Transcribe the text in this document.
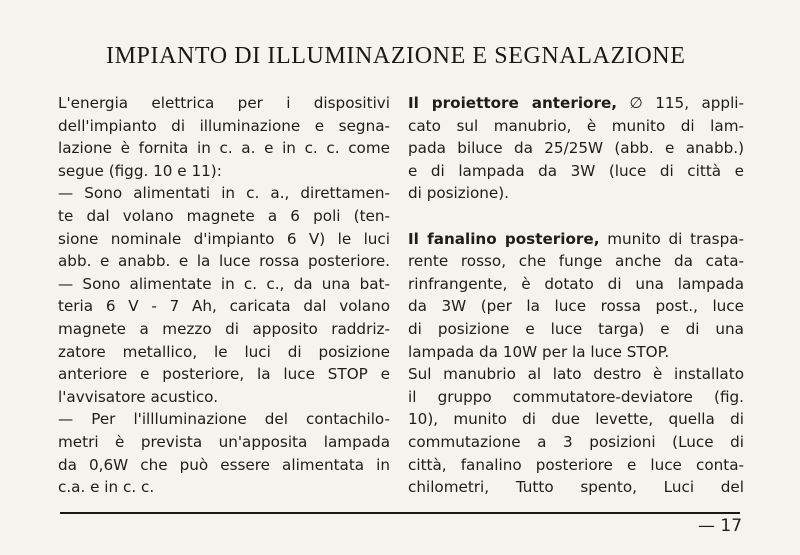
IMPIANTO DI ILLUMINAZIONE E SEGNALAZIONE
L'energia elettrica per i dispositivi
dell'impianto di illuminazione e segna-
lazione è fornita in c. a. e in c. c. come
segue (figg. 10 e 11):
— Sono alimentati in c. a., direttamen-
te dal volano magnete a 6 poli (ten-
sione nominale d'impianto 6 V) le luci
abb. e anabb. e la luce rossa posteriore.
— Sono alimentate in c. c., da una bat-
teria 6 V - 7 Ah, caricata dal volano
magnete a mezzo di apposito raddriz-
zatore metallico, le luci di posizione
anteriore e posteriore, la luce STOP e
l'avvisatore acustico.
— Per l'illluminazione del contachilo-
metri è prevista un'apposita lampada
da 0,6W che può essere alimentata in
c.a. e in c. c.
Il proiettore anteriore, ∅ 115, appli-
cato sul manubrio, è munito di lam-
pada biluce da 25/25W (abb. e anabb.)
e di lampada da 3W (luce di città e
di posizione).
Il fanalino posteriore, munito di traspa-
rente rosso, che funge anche da cata-
rinfrangente, è dotato di una lampada
da 3W (per la luce rossa post., luce
di posizione e luce targa) e di una
lampada da 10W per la luce STOP.
Sul manubrio al lato destro è installato
il gruppo commutatore-deviatore (fig.
10), munito di due levette, quella di
commutazione a 3 posizioni (Luce di
città, fanalino posteriore e luce conta-
chilometri, Tutto spento, Luci del
— 17
